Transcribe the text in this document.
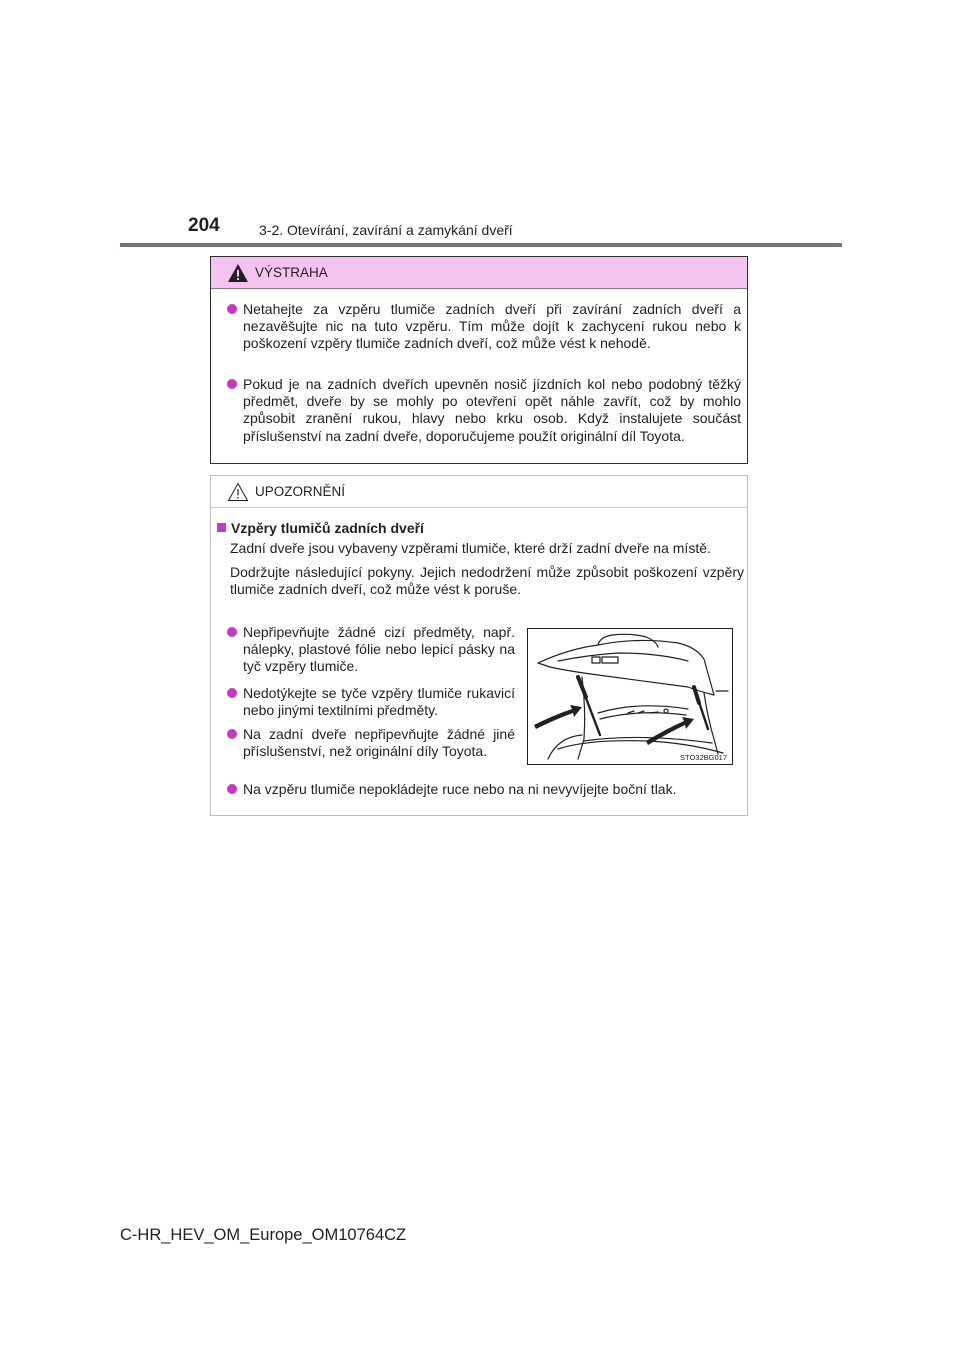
204	3-2. Otevírání, zavírání a zamykání dveří
VÝSTRAHA
Netahejte za vzpěru tlumiče zadních dveří při zavírání zadních dveří a nezavěšujte nic na tuto vzpěru. Tím může dojít k zachycení rukou nebo k poškození vzpěry tlumiče zadních dveří, což může vést k nehodě.
Pokud je na zadních dveřích upevněn nosič jízdních kol nebo podobný těžký předmět, dveře by se mohly po otevření opět náhle zavřít, což by mohlo způsobit zranění rukou, hlavy nebo krku osob. Když instalujete součást příslušenství na zadní dveře, doporučujeme použít originální díl Toyota.
UPOZORNĚNÍ
Vzpěry tlumičů zadních dveří
Zadní dveře jsou vybaveny vzpěrami tlumiče, které drží zadní dveře na místě.
Dodržujte následující pokyny. Jejich nedodržení může způsobit poškození vzpěry tlumiče zadních dveří, což může vést k poruše.
Nepřipevňujte žádné cizí předměty, např. nálepky, plastové fólie nebo lepicí pásky na tyč vzpěry tlumiče.
Nedotýkejte se tyče vzpěry tlumiče rukavicí nebo jinými textilními předměty.
Na zadní dveře nepřipevňujte žádné jiné příslušenství, než originální díly Toyota.	STO32BG017
Na vzpěru tlumiče nepokládejte ruce nebo na ni nevyvíjejte boční tlak.
C-HR_HEV_OM_Europe_OM10764CZ
